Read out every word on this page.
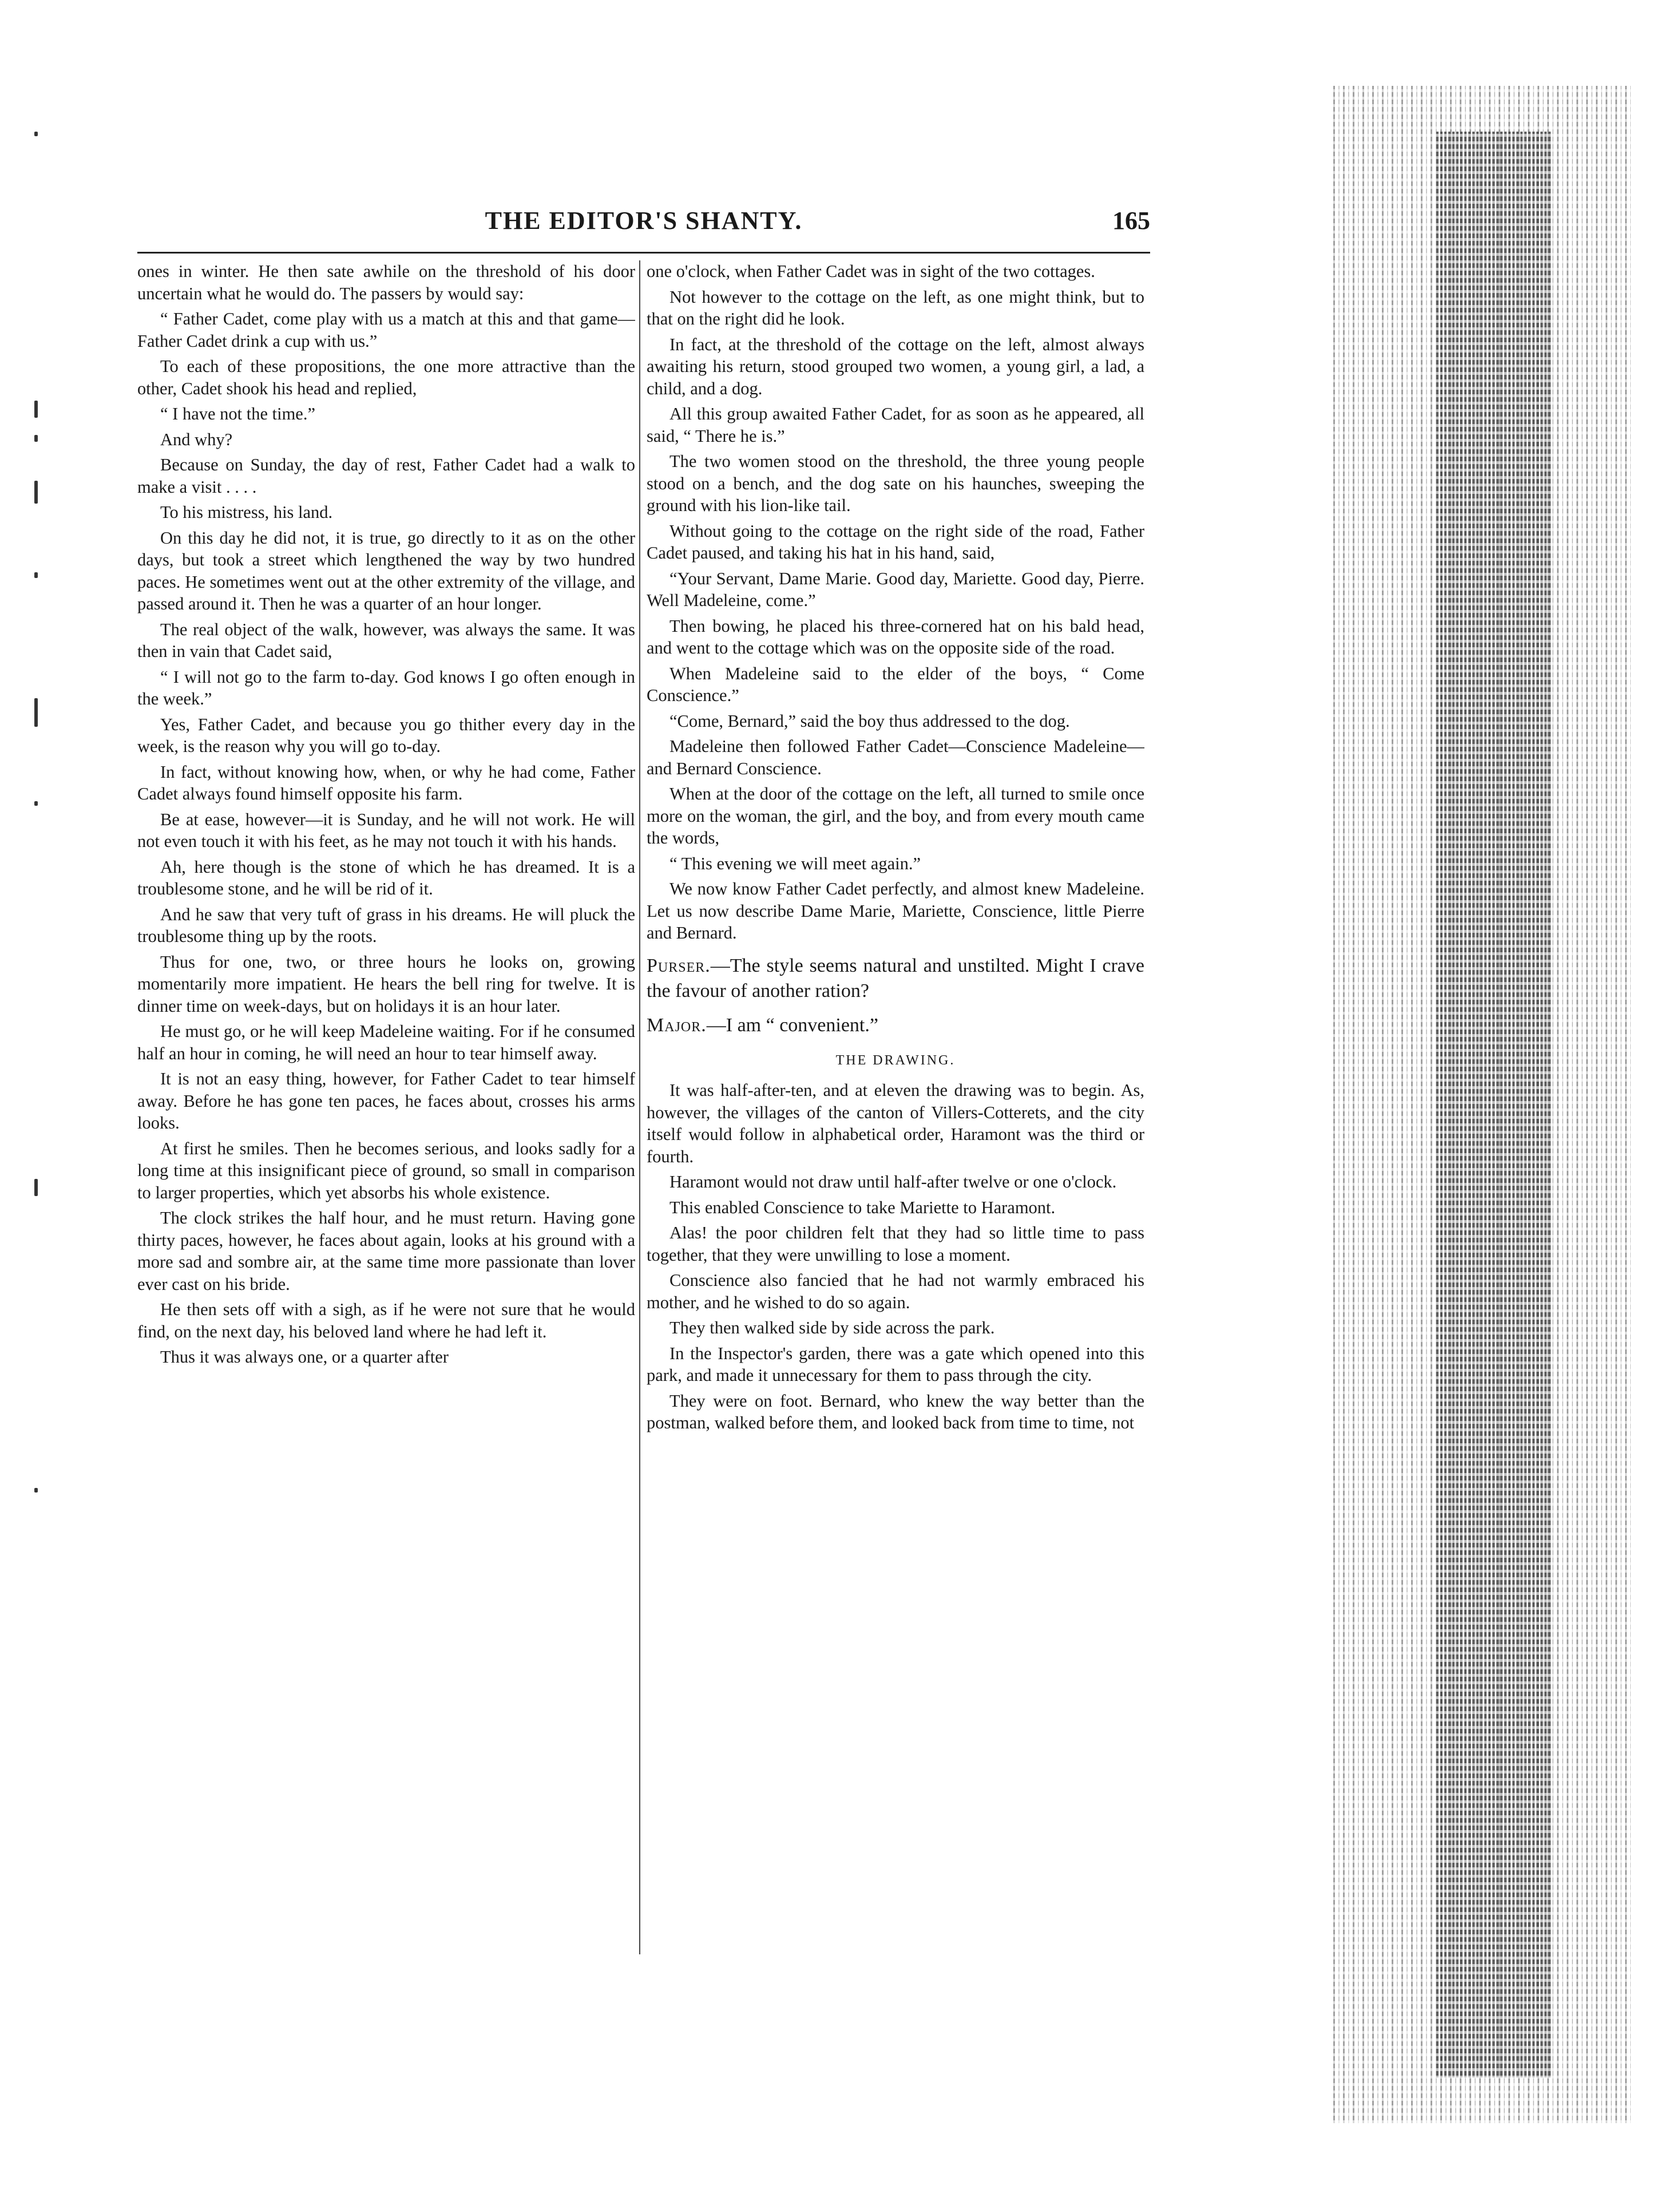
THE EDITOR'S SHANTY.	165

ones in winter. He then sate awhile on the threshold of his door uncertain what he would do. The passers by would say:

“ Father Cadet, come play with us a match at this and that game—Father Cadet drink a cup with us.”

To each of these propositions, the one more attractive than the other, Cadet shook his head and replied,

“ I have not the time.”

And why?

Because on Sunday, the day of rest, Father Cadet had a walk to make a visit . . . .

To his mistress, his land.

On this day he did not, it is true, go directly to it as on the other days, but took a street which lengthened the way by two hundred paces. He sometimes went out at the other extremity of the village, and passed around it. Then he was a quarter of an hour longer.

The real object of the walk, however, was always the same. It was then in vain that Cadet said,

“ I will not go to the farm to-day. God knows I go often enough in the week.”

Yes, Father Cadet, and because you go thither every day in the week, is the reason why you will go to-day.

In fact, without knowing how, when, or why he had come, Father Cadet always found himself opposite his farm.

Be at ease, however—it is Sunday, and he will not work. He will not even touch it with his feet, as he may not touch it with his hands.

Ah, here though is the stone of which he has dreamed. It is a troublesome stone, and he will be rid of it.

And he saw that very tuft of grass in his dreams. He will pluck the troublesome thing up by the roots.

Thus for one, two, or three hours he looks on, growing momentarily more impatient. He hears the bell ring for twelve. It is dinner time on week-days, but on holidays it is an hour later.

He must go, or he will keep Madeleine waiting. For if he consumed half an hour in coming, he will need an hour to tear himself away.

It is not an easy thing, however, for Father Cadet to tear himself away. Before he has gone ten paces, he faces about, crosses his arms looks.

At first he smiles. Then he becomes serious, and looks sadly for a long time at this insignificant piece of ground, so small in comparison to larger properties, which yet absorbs his whole existence.

The clock strikes the half hour, and he must return. Having gone thirty paces, however, he faces about again, looks at his ground with a more sad and sombre air, at the same time more passionate than lover ever cast on his bride.

He then sets off with a sigh, as if he were not sure that he would find, on the next day, his beloved land where he had left it.

Thus it was always one, or a quarter after

one o'clock, when Father Cadet was in sight of the two cottages.

Not however to the cottage on the left, as one might think, but to that on the right did he look.

In fact, at the threshold of the cottage on the left, almost always awaiting his return, stood grouped two women, a young girl, a lad, a child, and a dog.

All this group awaited Father Cadet, for as soon as he appeared, all said, “ There he is.”

The two women stood on the threshold, the three young people stood on a bench, and the dog sate on his haunches, sweeping the ground with his lion-like tail.

Without going to the cottage on the right side of the road, Father Cadet paused, and taking his hat in his hand, said,

“Your Servant, Dame Marie. Good day, Mariette. Good day, Pierre. Well Madeleine, come.”

Then bowing, he placed his three-cornered hat on his bald head, and went to the cottage which was on the opposite side of the road.

When Madeleine said to the elder of the boys, “ Come Conscience.”

“Come, Bernard,” said the boy thus addressed to the dog.

Madeleine then followed Father Cadet—Conscience Madeleine—and Bernard Conscience.

When at the door of the cottage on the left, all turned to smile once more on the woman, the girl, and the boy, and from every mouth came the words,

“ This evening we will meet again.”

We now know Father Cadet perfectly, and almost knew Madeleine. Let us now describe Dame Marie, Mariette, Conscience, little Pierre and Bernard.

Purser.—The style seems natural and unstilted. Might I crave the favour of another ration?

Major.—I am “ convenient.”

THE DRAWING.

It was half-after-ten, and at eleven the drawing was to begin. As, however, the villages of the canton of Villers-Cotterets, and the city itself would follow in alphabetical order, Haramont was the third or fourth.

Haramont would not draw until half-after twelve or one o'clock.

This enabled Conscience to take Mariette to Haramont.

Alas! the poor children felt that they had so little time to pass together, that they were unwilling to lose a moment.

Conscience also fancied that he had not warmly embraced his mother, and he wished to do so again.

They then walked side by side across the park.

In the Inspector's garden, there was a gate which opened into this park, and made it unnecessary for them to pass through the city.

They were on foot. Bernard, who knew the way better than the postman, walked before them, and looked back from time to time, not
